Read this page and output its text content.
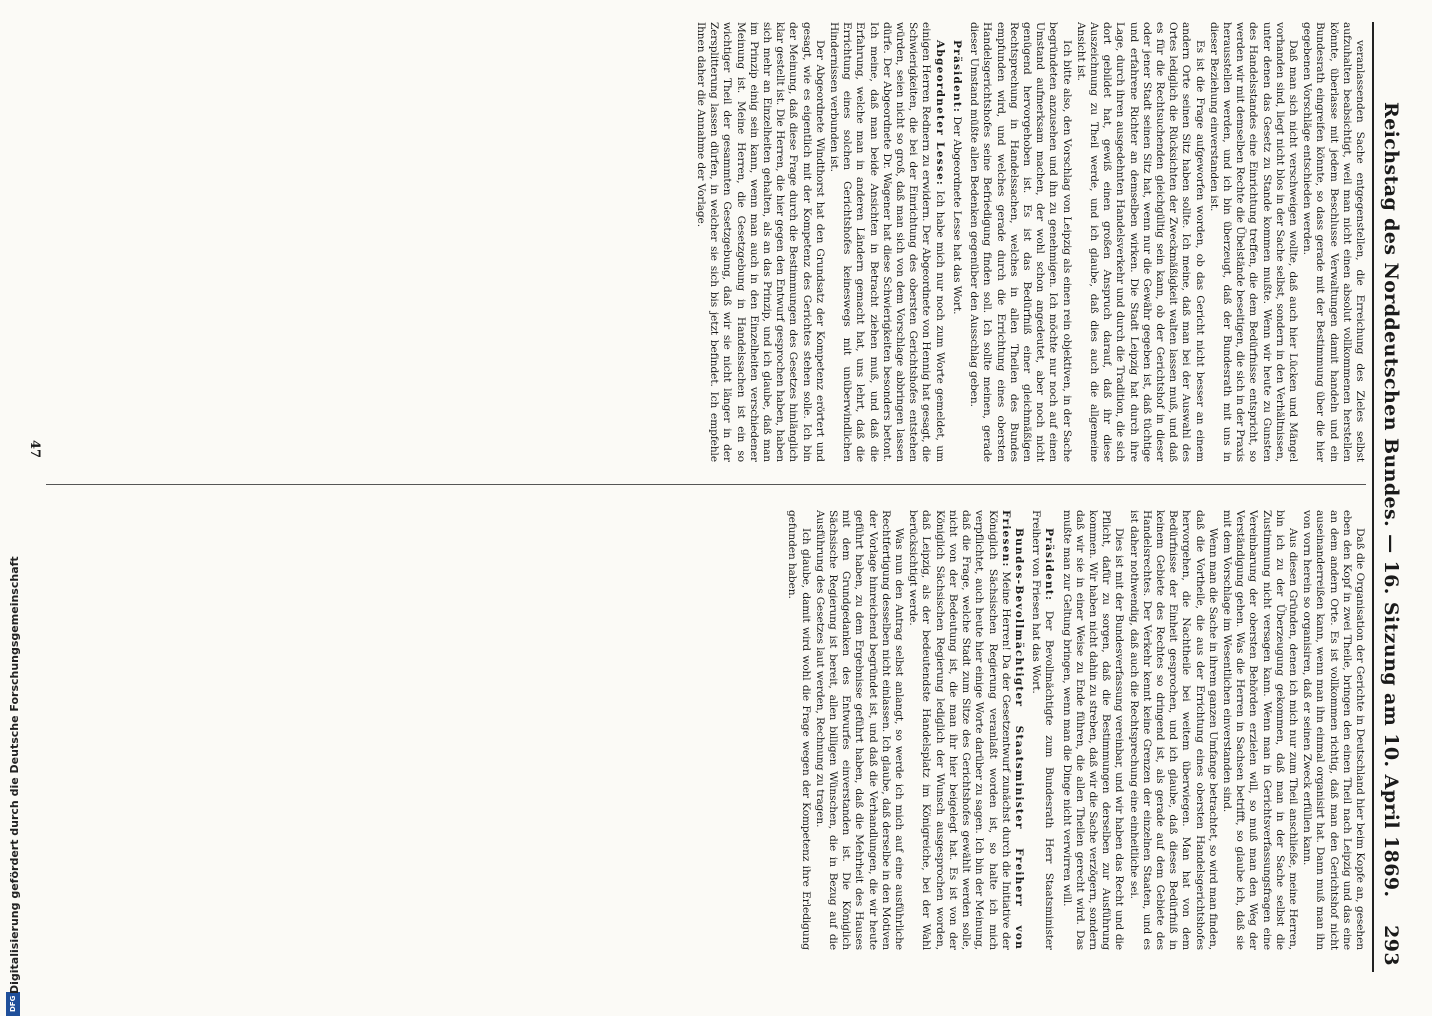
Reichstag des Norddeutschen Bundes. — 16. Sitzung am 10. April 1869.
293

veranlassenden Sache entgegenstellen, die Erreichung des Zieles selbst aufzuhalten beabsichtigt, weil man nicht einen absolut vollkommenen herstellen könnte, überlasse mit jedem Beschlusse Verwaltungen damit handeln und ein Bundesrath eingreifen könnte, so dass gerade mit der Bestimmung über die hier gegebenen Vorschläge entschieden werden.

Daß man sich nicht verschweigen wollte, daß auch hier Lücken und Mängel vorhanden sind, liegt nicht blos in der Sache selbst, sondern in den Verhältnissen, unter denen das Gesetz zu Stande kommen mußte. Wenn wir heute zu Gunsten des Handelsstandes eine Einrichtung treffen, die dem Bedürfnisse entspricht, so werden wir mit demselben Rechte die Übelstände beseitigen, die sich in der Praxis herausstellen werden, und ich bin überzeugt, daß der Bundesrath mit uns in dieser Beziehung einverstanden ist.

Es ist die Frage aufgeworfen worden, ob das Gericht nicht besser an einem andern Orte seinen Sitz haben sollte. Ich meine, daß man bei der Auswahl des Ortes lediglich die Rücksichten der Zweckmäßigkeit walten lassen muß, und daß es für die Rechtsuchenden gleichgültig sein kann, ob der Gerichtshof in dieser oder jener Stadt seinen Sitz hat, wenn nur die Gewähr gegeben ist, daß tüchtige und erfahrene Richter an demselben wirken. Die Stadt Leipzig hat durch ihre Lage, durch ihren ausgedehnten Handelsverkehr und durch die Tradition, die sich dort gebildet hat, gewiß einen großen Anspruch darauf, daß ihr diese Auszeichnung zu Theil werde, und ich glaube, daß dies auch die allgemeine Ansicht ist.

Ich bitte also, den Vorschlag von Leipzig als einen rein objektiven, in der Sache begründeten anzusehen und ihn zu genehmigen. Ich möchte nur noch auf einen Umstand aufmerksam machen, der wohl schon angedeutet, aber noch nicht genügend hervorgehoben ist. Es ist das Bedürfniß einer gleichmäßigen Rechtsprechung in Handelssachen, welches in allen Theilen des Bundes empfunden wird, und welches gerade durch die Errichtung eines obersten Handelsgerichtshofes seine Befriedigung finden soll. Ich sollte meinen, gerade dieser Umstand müßte allen Bedenken gegenüber den Ausschlag geben.

Präsident: Der Abgeordnete Lesse hat das Wort.

Abgeordneter Lesse: Ich habe mich nur noch zum Worte gemeldet, um einigen Herren Rednern zu erwidern. Der Abgeordnete von Hennig hat gesagt, die Schwierigkeiten, die bei der Einrichtung des obersten Gerichtshofes entstehen würden, seien nicht so groß, daß man sich von dem Vorschlage abbringen lassen dürfe. Der Abgeordnete Dr. Wagener hat diese Schwierigkeiten besonders betont. Ich meine, daß man beide Ansichten in Betracht ziehen muß, und daß die Erfahrung, welche man in anderen Ländern gemacht hat, uns lehrt, daß die Errichtung eines solchen Gerichtshofes keineswegs mit unüberwindlichen Hindernissen verbunden ist.

Der Abgeordnete Windthorst hat den Grundsatz der Kompetenz erörtert und gesagt, wie es eigentlich mit der Kompetenz des Gerichtes stehen solle. Ich bin der Meinung, daß diese Frage durch die Bestimmungen des Gesetzes hinlänglich klar gestellt ist. Die Herren, die hier gegen den Entwurf gesprochen haben, haben sich mehr an Einzelheiten gehalten, als an das Prinzip, und ich glaube, daß man im Prinzip einig sein kann, wenn man auch in den Einzelheiten verschiedener Meinung ist. Meine Herren, die Gesetzgebung in Handelssachen ist ein so wichtiger Theil der gesammten Gesetzgebung, daß wir sie nicht länger in der Zersplitterung lassen dürfen, in welcher sie sich bis jetzt befindet. Ich empfehle Ihnen daher die Annahme der Vorlage.

Daß die Organisation der Gerichte in Deutschland hier beim Kopfe an, gesehen eben den Kopf in zwei Theile, bringen den einen Theil nach Leipzig und das eine an dem andern Orte. Es ist vollkommen richtig, daß man den Gerichtshof nicht auseinanderreißen kann, wenn man ihn einmal organisirt hat. Dann muß man ihn von vorn herein so organisiren, daß er seinen Zweck erfüllen kann.

Aus diesen Gründen, denen ich mich nur zum Theil anschließe, meine Herren, bin ich zu der Überzeugung gekommen, daß man in der Sache selbst die Zustimmung nicht versagen kann. Wenn man in Gerichtsverfassungsfragen eine Vereinbarung der obersten Behörden erzielen will, so muß man den Weg der Verständigung gehen. Was die Herren in Sachsen betrifft, so glaube ich, daß sie mit dem Vorschlage im Wesentlichen einverstanden sind.

Wenn man die Sache in ihrem ganzen Umfange betrachtet, so wird man finden, daß die Vortheile, die aus der Errichtung eines obersten Handelsgerichtshofes hervorgehen, die Nachtheile bei weitem überwiegen. Man hat von dem Bedürfnisse der Einheit gesprochen, und ich glaube, daß dieses Bedürfniß in keinem Gebiete des Rechtes so dringend ist, als gerade auf dem Gebiete des Handelsrechtes. Der Verkehr kennt keine Grenzen der einzelnen Staaten, und es ist daher nothwendig, daß auch die Rechtsprechung eine einheitliche sei.

Dies ist mit der Bundesverfassung vereinbar, und wir haben das Recht und die Pflicht, dafür zu sorgen, daß die Bestimmungen derselben zur Ausführung kommen. Wir haben nicht dahin zu streben, daß wir die Sache verzögern, sondern daß wir sie in einer Weise zu Ende führen, die allen Theilen gerecht wird. Das mußte man zur Geltung bringen, wenn man die Dinge nicht verwirren will.

Präsident: Der Bevollmächtigte zum Bundesrath Herr Staatsminister Freiherr von Friesen hat das Wort.

Bundes-Bevollmächtigter Staatsminister Freiherr von Friesen: Meine Herren! Da der Gesetzentwurf zunächst durch die Initiative der Königlich Sächsischen Regierung veranlaßt worden ist, so halte ich mich verpflichtet, auch heute hier einige Worte darüber zu sagen. Ich bin der Meinung, daß die Frage, welche Stadt zum Sitze des Gerichtshofes gewählt werden solle, nicht von der Bedeutung ist, die man ihr hier beigelegt hat. Es ist von der Königlich Sächsischen Regierung lediglich der Wunsch ausgesprochen worden, daß Leipzig, als der bedeutendste Handelsplatz im Königreiche, bei der Wahl berücksichtigt werde.

Was nun den Antrag selbst anlangt, so werde ich mich auf eine ausführliche Rechtfertigung desselben nicht einlassen. Ich glaube, daß derselbe in den Motiven der Vorlage hinreichend begründet ist, und daß die Verhandlungen, die wir heute geführt haben, zu dem Ergebnisse geführt haben, daß die Mehrheit des Hauses mit dem Grundgedanken des Entwurfes einverstanden ist. Die Königlich Sächsische Regierung ist bereit, allen billigen Wünschen, die in Bezug auf die Ausführung des Gesetzes laut werden, Rechnung zu tragen.

Ich glaube, damit wird wohl die Frage wegen der Kompetenz ihre Erledigung gefunden haben.

47
DFG
Digitalisierung gefördert durch die Deutsche Forschungsgemeinschaft
